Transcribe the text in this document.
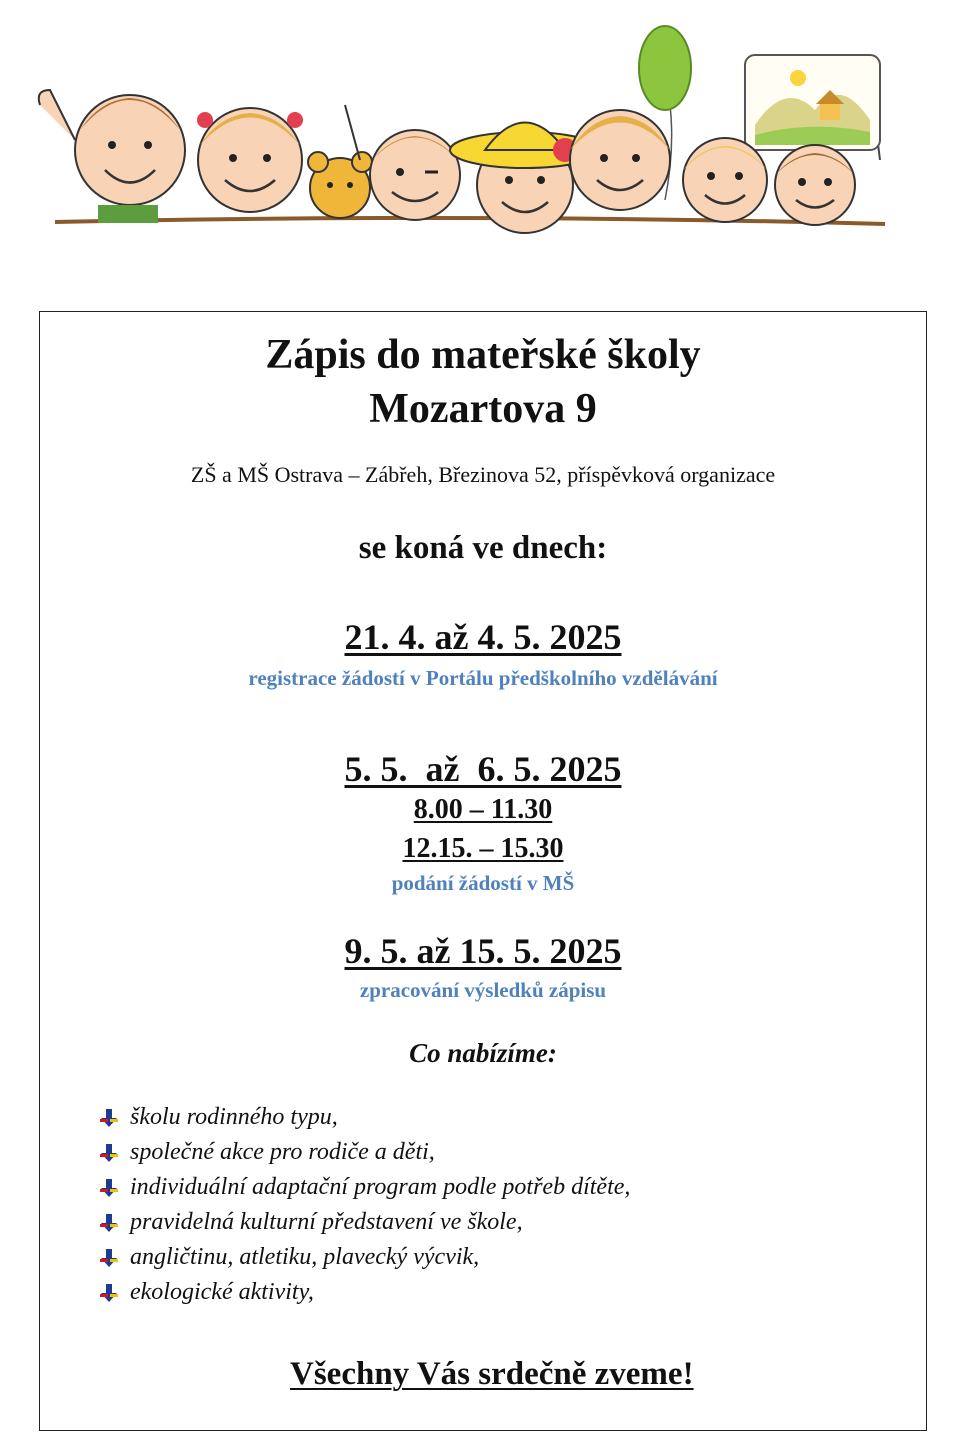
Zápis do mateřské školy
Mozartova 9
ZŠ a MŠ Ostrava – Zábřeh, Březinova 52, příspěvková organizace
se koná ve dnech:
21. 4. až 4. 5. 2025
registrace žádostí v Portálu předškolního vzdělávání
5. 5.  až  6. 5. 2025
8.00 – 11.30
12.15. – 15.30
podání žádostí v MŠ
9. 5. až 15. 5. 2025
zpracování výsledků zápisu
Co nabízíme:
školu rodinného typu,
společné akce pro rodiče a děti,
individuální adaptační program podle potřeb dítěte,
pravidelná kulturní představení ve škole,
angličtinu, atletiku, plavecký výcvik,
ekologické aktivity,
Všechny Vás srdečně zveme!
